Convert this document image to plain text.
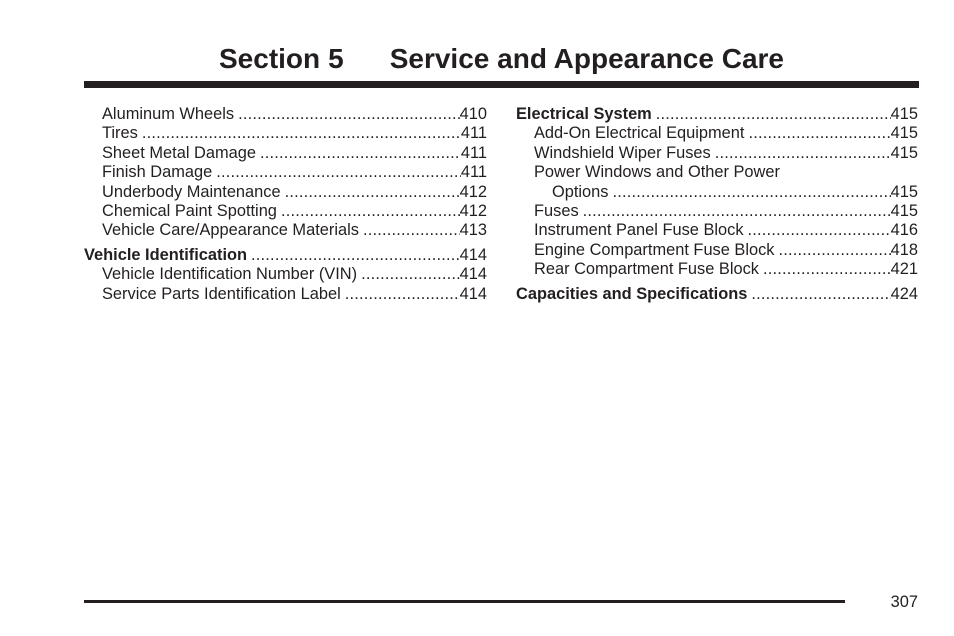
Section 5 Service and Appearance Care
Aluminum Wheels .....	410
Tires .....	411
Sheet Metal Damage .....	411
Finish Damage .....	411
Underbody Maintenance .....	412
Chemical Paint Spotting .....	412
Vehicle Care/Appearance Materials .....	413
Vehicle Identification .....	414
Vehicle Identification Number (VIN) .....	414
Service Parts Identification Label .....	414
Electrical System .....	415
Add-On Electrical Equipment .....	415
Windshield Wiper Fuses .....	415
Power Windows and Other Power
Options .....	415
Fuses .....	415
Instrument Panel Fuse Block .....	416
Engine Compartment Fuse Block .....	418
Rear Compartment Fuse Block .....	421
Capacities and Specifications .....	424
307
